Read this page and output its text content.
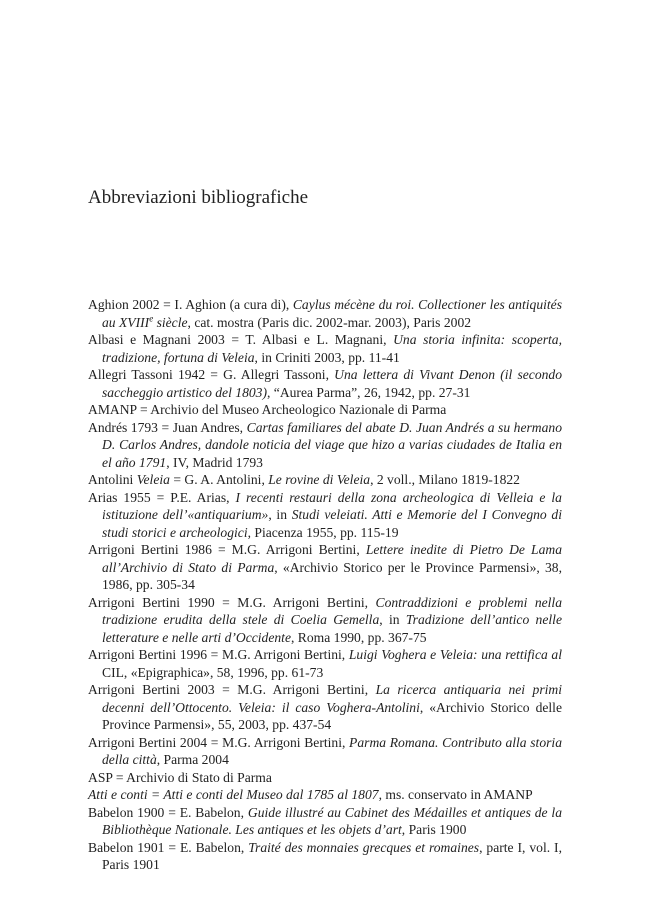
Abbreviazioni bibliografiche

Aghion 2002 = I. Aghion (a cura di), Caylus mécène du roi. Collectioner les antiquités au XVIIIe siècle, cat. mostra (Paris dic. 2002-mar. 2003), Paris 2002

Albasi e Magnani 2003 = T. Albasi e L. Magnani, Una storia infinita: scoperta, tradizione, fortuna di Veleia, in Criniti 2003, pp. 11-41

Allegri Tassoni 1942 = G. Allegri Tassoni, Una lettera di Vivant Denon (il secondo saccheggio artistico del 1803), “Aurea Parma”, 26, 1942, pp. 27-31

AMANP = Archivio del Museo Archeologico Nazionale di Parma

Andrés 1793 = Juan Andres, Cartas familiares del abate D. Juan Andrés a su hermano D. Carlos Andres, dandole noticia del viage que hizo a varias ciudades de Italia en el año 1791, IV, Madrid 1793

Antolini Veleia = G. A. Antolini, Le rovine di Veleia, 2 voll., Milano 1819-1822

Arias 1955 = P.E. Arias, I recenti restauri della zona archeologica di Velleia e la istituzione dell’«antiquarium», in Studi veleiati. Atti e Memorie del I Convegno di studi storici e archeologici, Piacenza 1955, pp. 115-19

Arrigoni Bertini 1986 = M.G. Arrigoni Bertini, Lettere inedite di Pietro De Lama all’Archivio di Stato di Parma, «Archivio Storico per le Province Parmensi», 38, 1986, pp. 305-34

Arrigoni Bertini 1990 = M.G. Arrigoni Bertini, Contraddizioni e problemi nella tradizione erudita della stele di Coelia Gemella, in Tradizione dell’antico nelle letterature e nelle arti d’Occidente, Roma 1990, pp. 367-75

Arrigoni Bertini 1996 = M.G. Arrigoni Bertini, Luigi Voghera e Veleia: una rettifica al CIL, «Epigraphica», 58, 1996, pp. 61-73

Arrigoni Bertini 2003 = M.G. Arrigoni Bertini, La ricerca antiquaria nei primi decenni dell’Ottocento. Veleia: il caso Voghera-Antolini, «Archivio Storico delle Province Parmensi», 55, 2003, pp. 437-54

Arrigoni Bertini 2004 = M.G. Arrigoni Bertini, Parma Romana. Contributo alla storia della città, Parma 2004

ASP = Archivio di Stato di Parma

Atti e conti = Atti e conti del Museo dal 1785 al 1807, ms. conservato in AMANP

Babelon 1900 = E. Babelon, Guide illustré au Cabinet des Médailles et antiques de la Bibliothèque Nationale. Les antiques et les objets d’art, Paris 1900

Babelon 1901 = E. Babelon, Traité des monnaies grecques et romaines, parte I, vol. I, Paris 1901
